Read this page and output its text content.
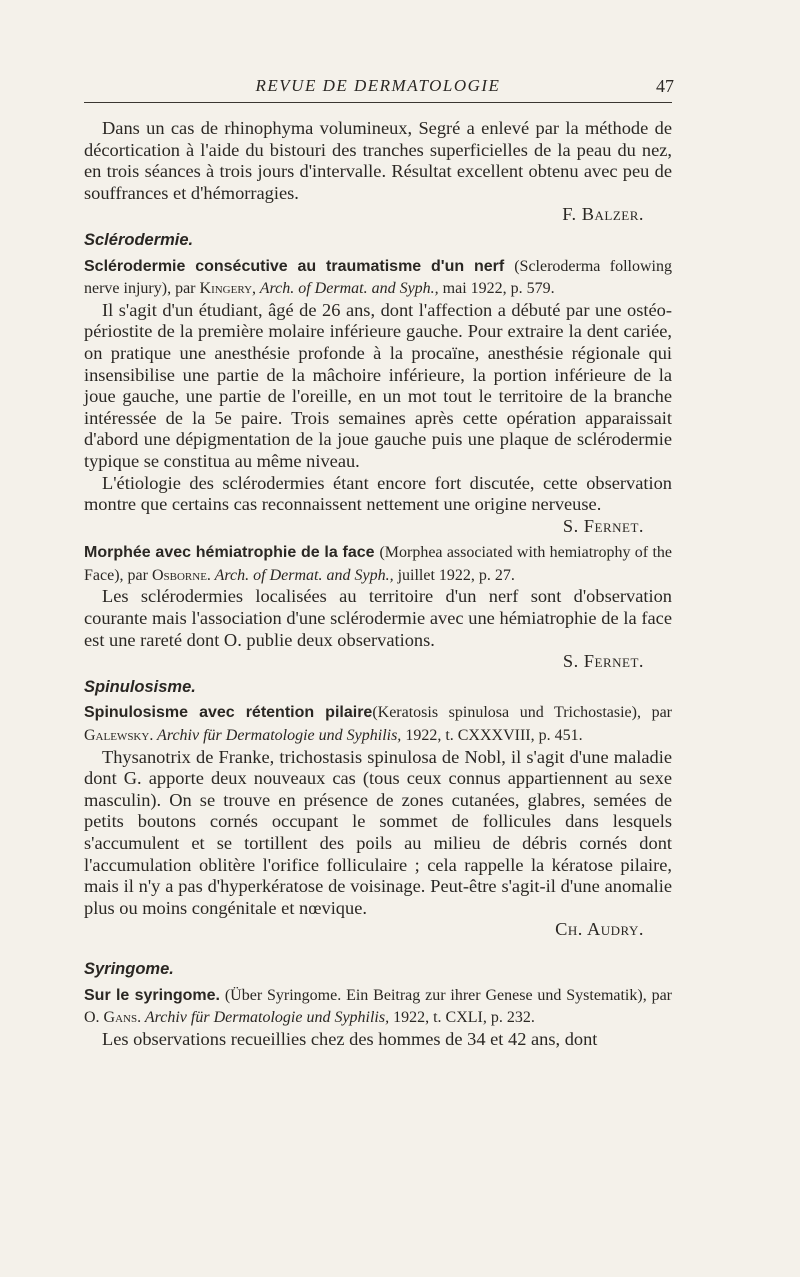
REVUE DE DERMATOLOGIE	47

Dans un cas de rhinophyma volumineux, Segré a enlevé par la méthode de décortication à l'aide du bistouri des tranches superficielles de la peau du nez, en trois séances à trois jours d'intervalle. Résultat excellent obtenu avec peu de souffrances et d'hémorragies.

F. Balzer.
Sclérodermie.

Sclérodermie consécutive au traumatisme d'un nerf (Scleroderma following nerve injury), par Kingery, Arch. of Dermat. and Syph., mai 1922, p. 579.

Il s'agit d'un étudiant, âgé de 26 ans, dont l'affection a débuté par une ostéo-périostite de la première molaire inférieure gauche. Pour extraire la dent cariée, on pratique une anesthésie profonde à la procaïne, anesthésie régionale qui insensibilise une partie de la mâchoire inférieure, la portion inférieure de la joue gauche, une partie de l'oreille, en un mot tout le territoire de la branche intéressée de la 5e paire. Trois semaines après cette opération apparaissait d'abord une dépigmentation de la joue gauche puis une plaque de sclérodermie typique se constitua au même niveau.

L'étiologie des sclérodermies étant encore fort discutée, cette observation montre que certains cas reconnaissent nettement une origine nerveuse.

S. Fernet.

Morphée avec hémiatrophie de la face (Morphea associated with hemiatrophy of the Face), par Osborne. Arch. of Dermat. and Syph., juillet 1922, p. 27.

Les sclérodermies localisées au territoire d'un nerf sont d'observation courante mais l'association d'une sclérodermie avec une hémiatrophie de la face est une rareté dont O. publie deux observations.

S. Fernet.
Spinulosisme.

Spinulosisme avec rétention pilaire(Keratosis spinulosa und Trichostasie), par Galewsky. Archiv für Dermatologie und Syphilis, 1922, t. CXXXVIII, p. 451.

Thysanotrix de Franke, trichostasis spinulosa de Nobl, il s'agit d'une maladie dont G. apporte deux nouveaux cas (tous ceux connus appartiennent au sexe masculin). On se trouve en présence de zones cutanées, glabres, semées de petits boutons cornés occupant le sommet de follicules dans lesquels s'accumulent et se tortillent des poils au milieu de débris cornés dont l'accumulation oblitère l'orifice folliculaire ; cela rappelle la kératose pilaire, mais il n'y a pas d'hyperkératose de voisinage. Peut-être s'agit-il d'une anomalie plus ou moins congénitale et nœvique.

Ch. Audry.
Syringome.

Sur le syringome. (Über Syringome. Ein Beitrag zur ihrer Genese und Systematik), par O. Gans. Archiv für Dermatologie und Syphilis, 1922, t. CXLI, p. 232.

Les observations recueillies chez des hommes de 34 et 42 ans, dont
